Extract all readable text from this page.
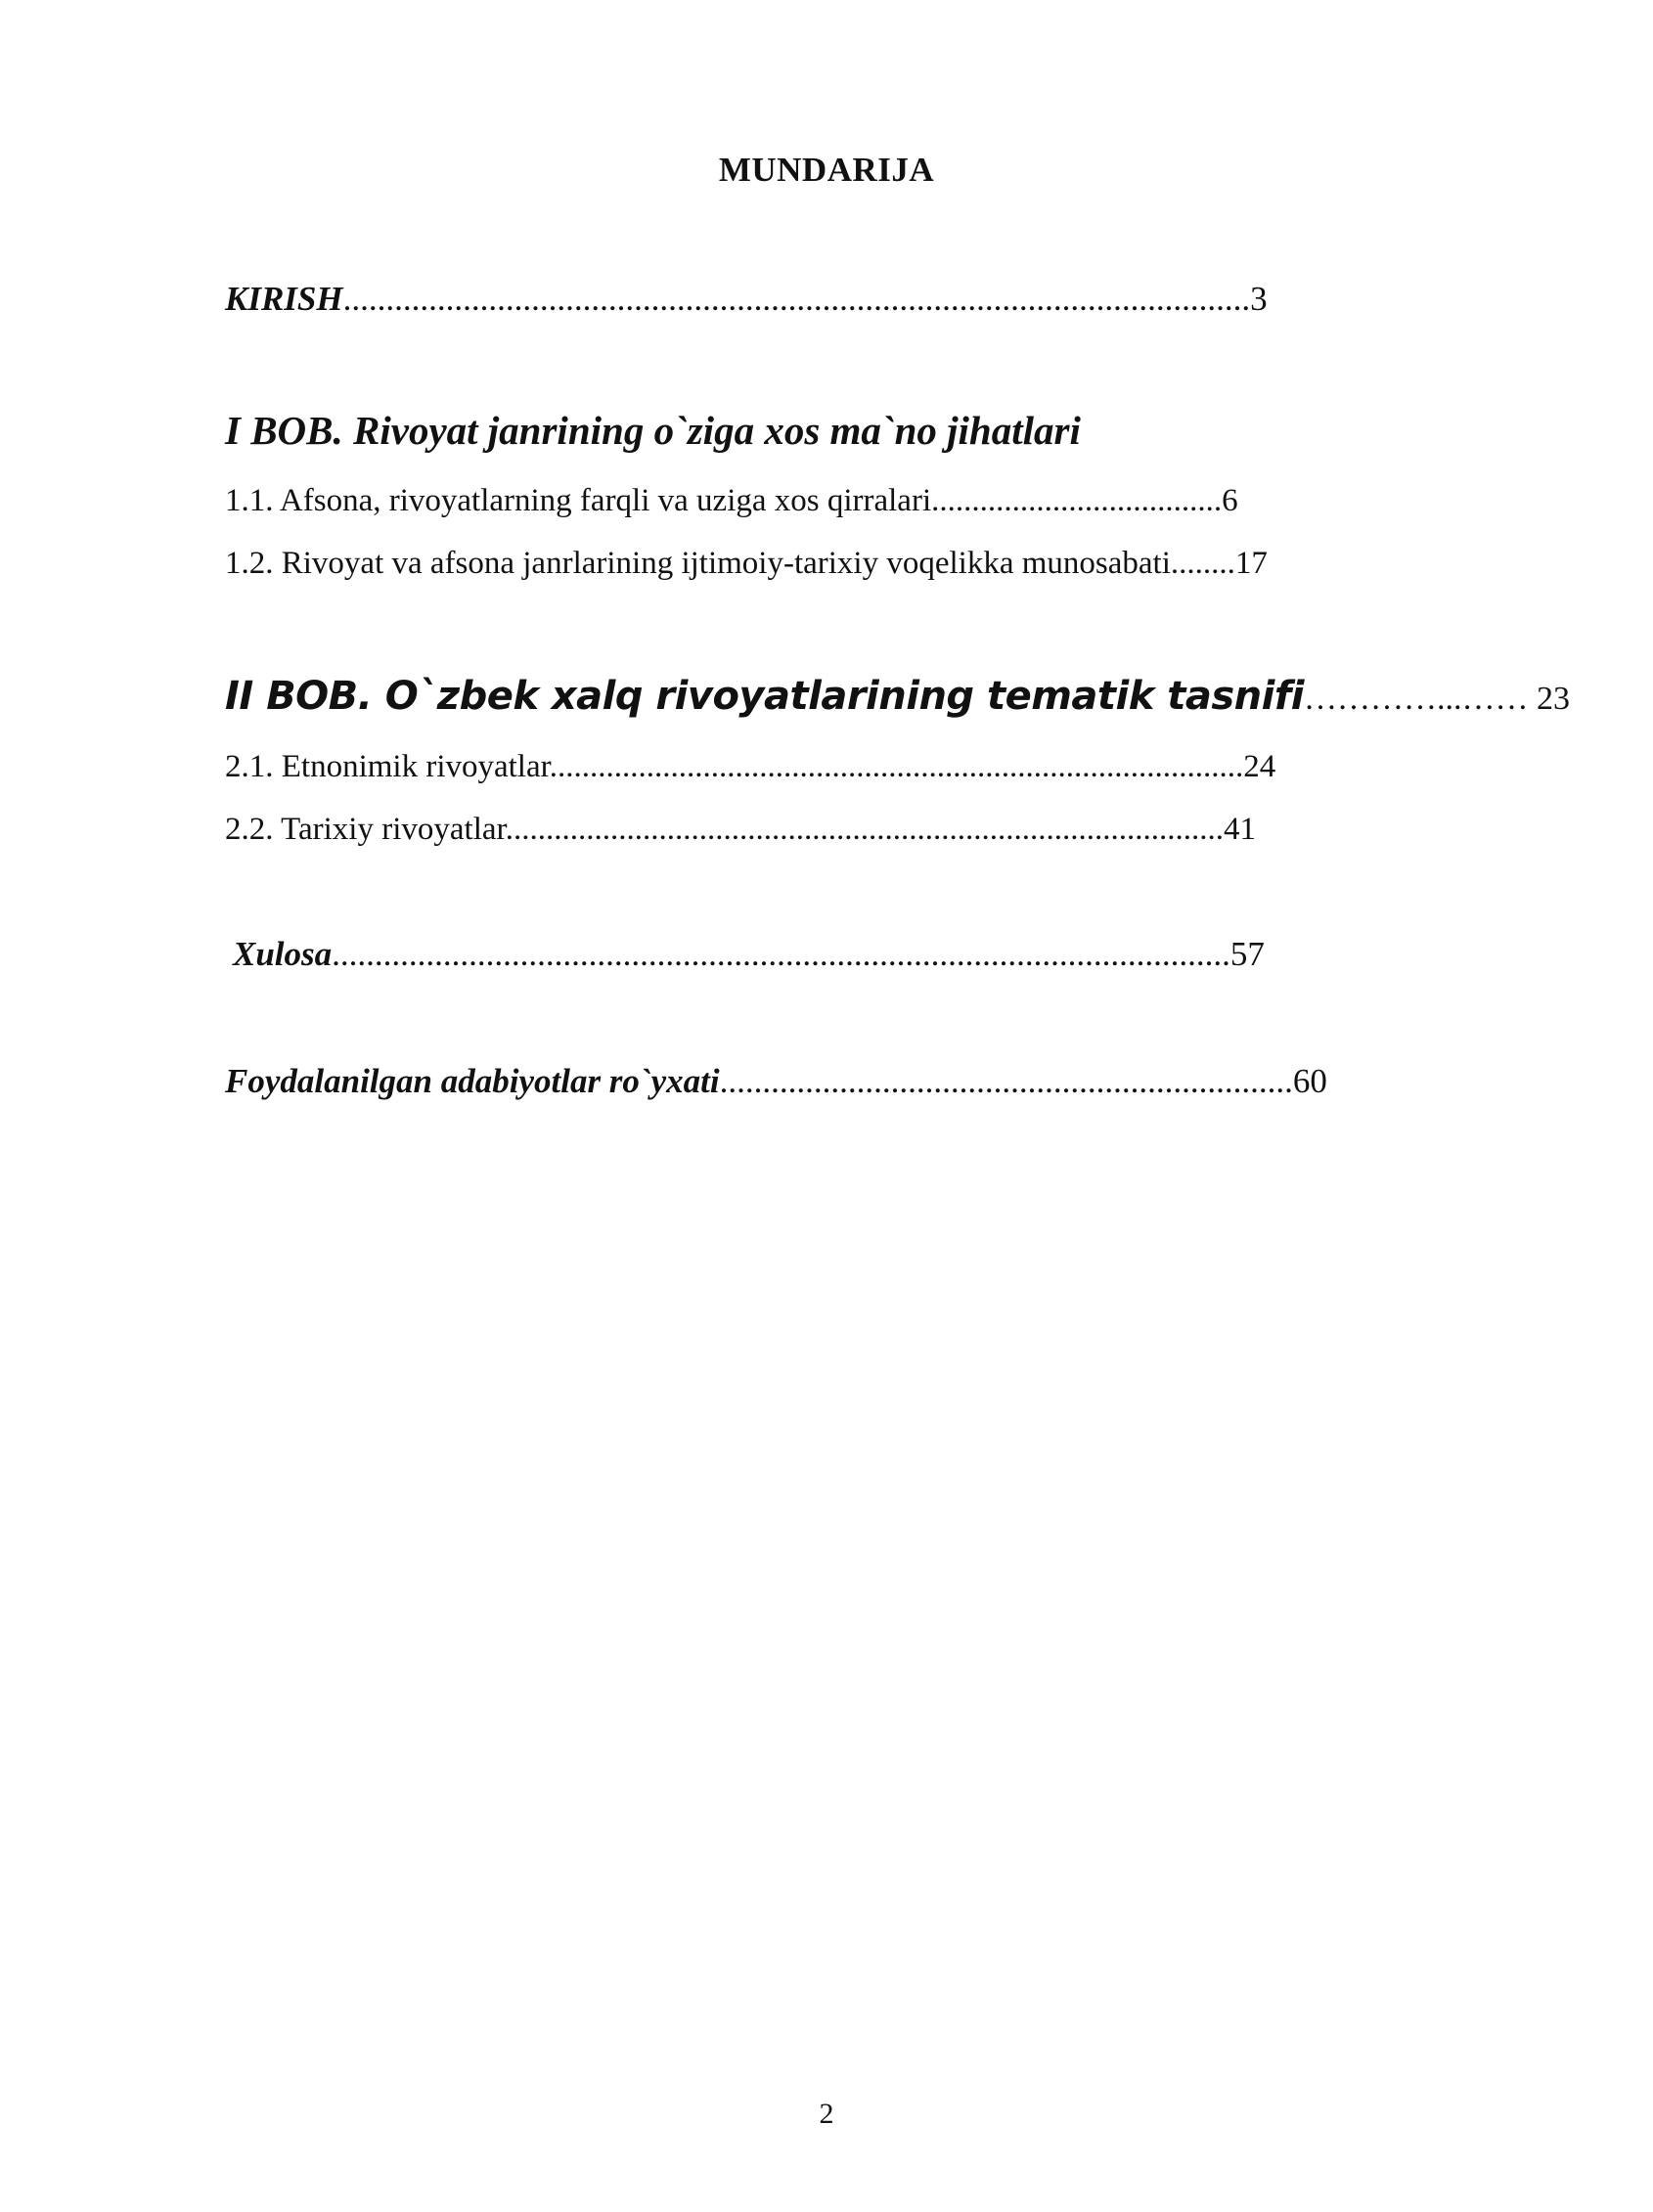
MUNDARIJA
KIRISH..........................................................................................................3
I BOB. Rivoyat janrining o`ziga xos ma`no jihatlari
1.1. Afsona, rivoyatlarning farqli va uziga xos qirralari....................................6
1.2. Rivoyat va afsona janrlarining ijtimoiy-tarixiy voqelikka munosabati........17
II BOB. O`zbek xalq rivoyatlarining tematik tasnifi…………...…… 23
2.1. Etnonimik rivoyatlar......................................................................................24
2.2. Tarixiy rivoyatlar.........................................................................................41
Xulosa.........................................................................................................57
Foydalanilgan adabiyotlar ro`yxati...................................................................60
2
